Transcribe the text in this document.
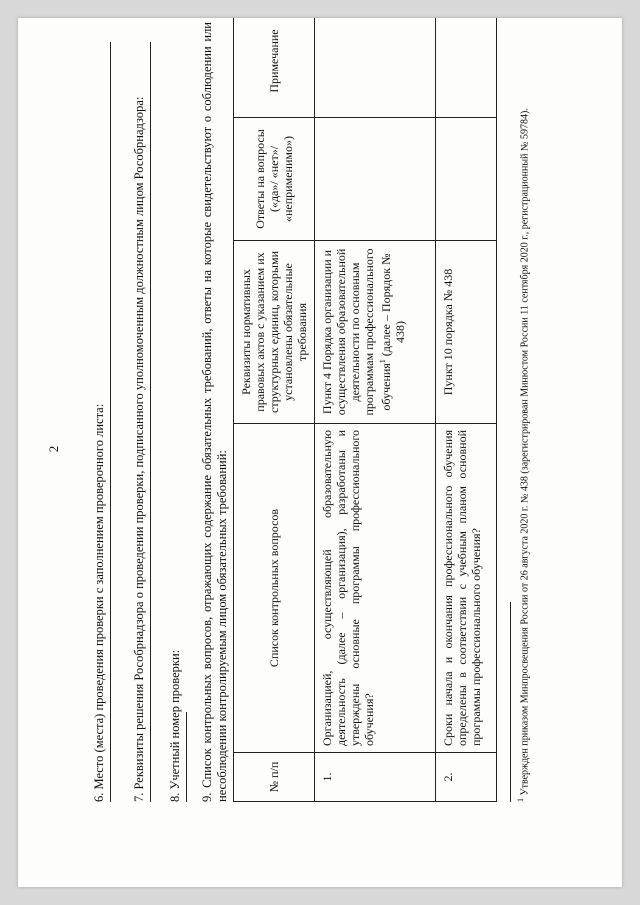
2 6. Место (места) проведения проверки с заполнением проверочного листа:	7. Реквизиты решения Рособрнадзора о проведении проверки, подписанного уполномоченным должностным лицом Рособрнадзора:	8. Учетный номер проверки:	9. Список контрольных вопросов, отражающих содержание обязательных требований, ответы на которые свидетельствуют о соблюдении или несоблюдении контролируемым лицом обязательных требований:	№ п/п	Список контрольных вопросов	Реквизиты нормативных правовых актов с указанием их структурных единиц, которыми установлены обязательные требования	Ответы на вопросы («да»/ «нет»/ «неприменимо»)	Примечание
1.	Организацией, осуществляющей образовательную деятельность (далее – организация), разработаны и утверждены основные программы профессионального обучения?	Пункт 4 Порядка организации и осуществления образовательной деятельности по основным программам профессионального обучения$^1$ (далее – Порядок № 438)		
2.	Сроки начала и окончания профессионального обучения определены в соответствии с учебным планом основной программы профессионального обучения?	Пункт 10 порядка № 438		
$^1$ Утвержден приказом Минпросвещения России от 26 августа 2020 г. № 438 (зарегистрирован Минюстом России 11 сентября 2020 г., регистрационный № 59784).
